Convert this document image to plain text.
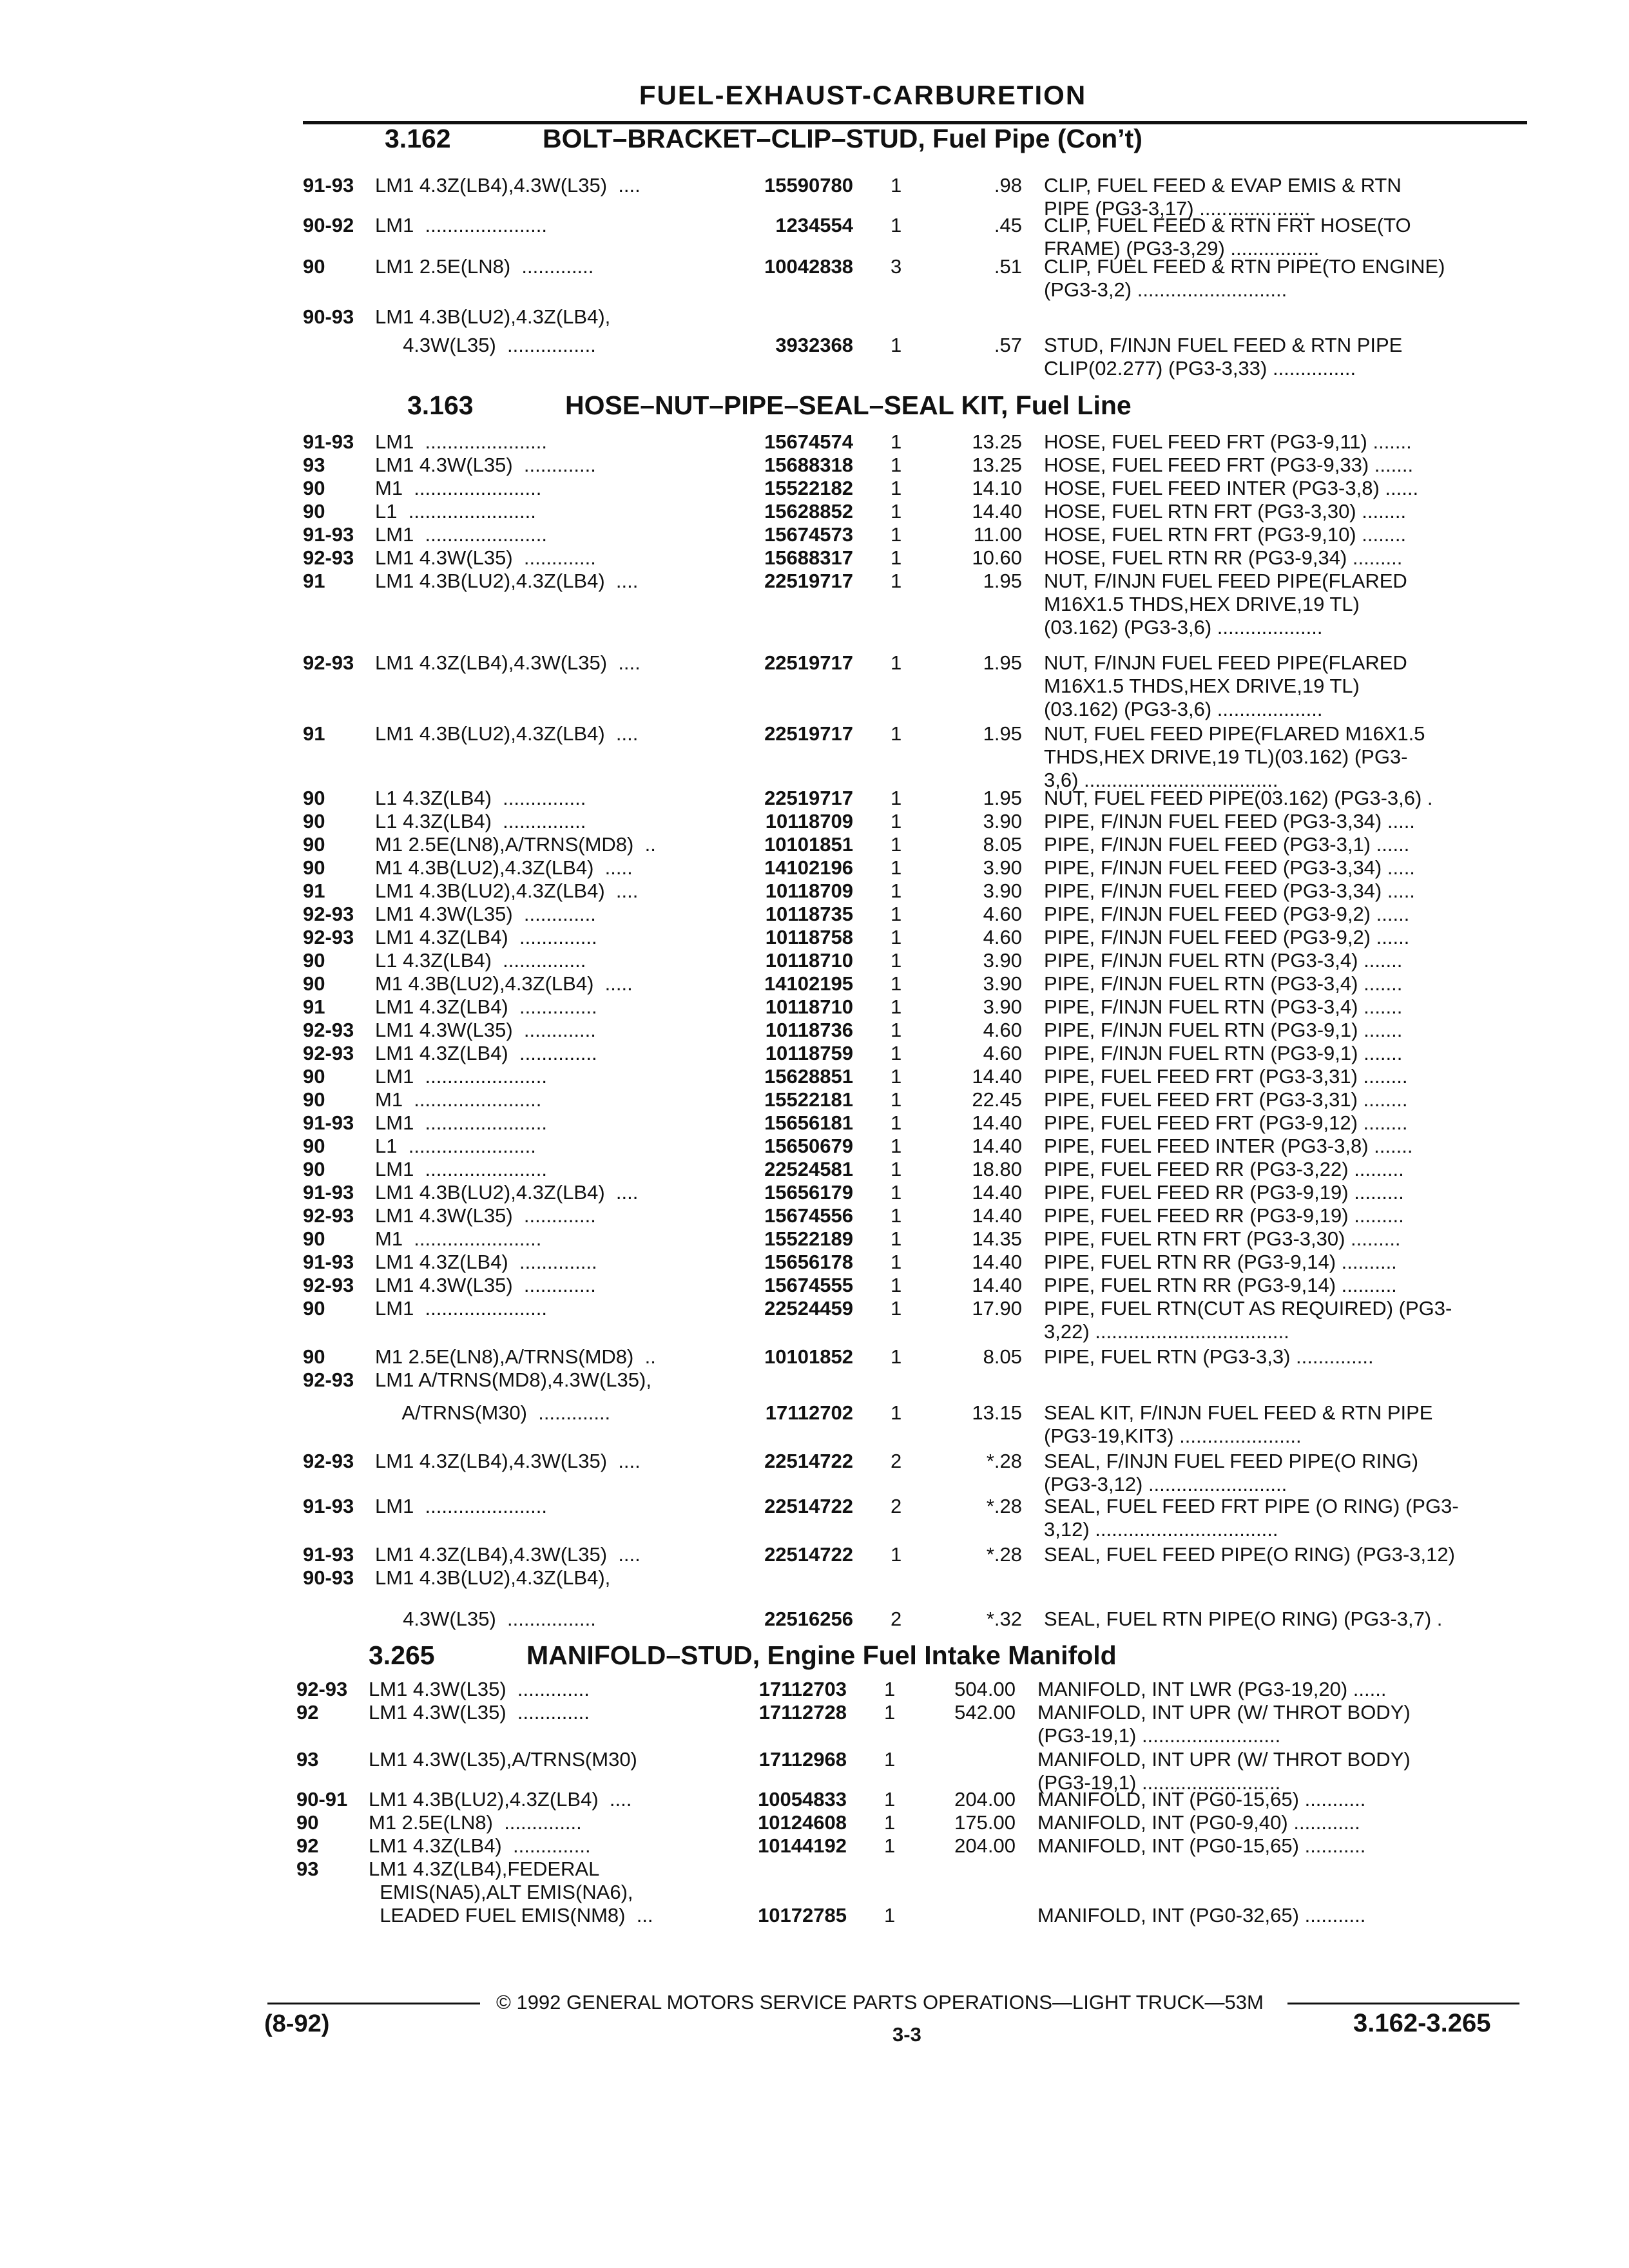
FUEL-EXHAUST-CARBURETION
3.162	BOLT–BRACKET–CLIP–STUD, Fuel Pipe (Con’t)
91-93 LM1 4.3Z(LB4),4.3W(L35)  ....	15590780 1	.98 CLIP, FUEL FEED & EVAP EMIS & RTN
PIPE (PG3-3,17) ....................
90-92 LM1  ......................	1234554 1	.45 CLIP, FUEL FEED & RTN FRT HOSE(TO
FRAME) (PG3-3,29) ................
90	LM1 2.5E(LN8)  .............	10042838 3	.51 CLIP, FUEL FEED & RTN PIPE(TO ENGINE)
(PG3-3,2) ...........................
90-93 LM1 4.3B(LU2),4.3Z(LB4),
4.3W(L35)  ................	3932368 1	.57 STUD, F/INJN FUEL FEED & RTN PIPE
CLIP(02.277) (PG3-3,33) ...............
3.163	HOSE–NUT–PIPE–SEAL–SEAL KIT, Fuel Line
91-93 LM1  ......................	15674574 1	13.25 HOSE, FUEL FEED FRT (PG3-9,11) .......
93	LM1 4.3W(L35)  .............	15688318 1	13.25 HOSE, FUEL FEED FRT (PG3-9,33) .......
90	M1  .......................	15522182 1	14.10 HOSE, FUEL FEED INTER (PG3-3,8) ......
90	L1  .......................	15628852 1	14.40 HOSE, FUEL RTN FRT (PG3-3,30) ........
91-93 LM1  ......................	15674573 1	11.00 HOSE, FUEL RTN FRT (PG3-9,10) ........
92-93 LM1 4.3W(L35)  .............	15688317 1	10.60 HOSE, FUEL RTN RR (PG3-9,34) .........
91	LM1 4.3B(LU2),4.3Z(LB4)  ....	22519717 1	1.95 NUT, F/INJN FUEL FEED PIPE(FLARED
M16X1.5 THDS,HEX DRIVE,19 TL)
(03.162) (PG3-3,6) ...................
92-93 LM1 4.3Z(LB4),4.3W(L35)  ....	22519717 1	1.95 NUT, F/INJN FUEL FEED PIPE(FLARED
M16X1.5 THDS,HEX DRIVE,19 TL)
(03.162) (PG3-3,6) ...................
91	LM1 4.3B(LU2),4.3Z(LB4)  ....	22519717 1	1.95 NUT, FUEL FEED PIPE(FLARED M16X1.5
THDS,HEX DRIVE,19 TL)(03.162) (PG3-
3,6) ...................................
90	L1 4.3Z(LB4)  ...............	22519717 1	1.95 NUT, FUEL FEED PIPE(03.162) (PG3-3,6) .
90	L1 4.3Z(LB4)  ...............	10118709 1	3.90 PIPE, F/INJN FUEL FEED (PG3-3,34) .....
90	M1 2.5E(LN8),A/TRNS(MD8)  ..	10101851 1	8.05 PIPE, F/INJN FUEL FEED (PG3-3,1) ......
90	M1 4.3B(LU2),4.3Z(LB4)  .....	14102196 1	3.90 PIPE, F/INJN FUEL FEED (PG3-3,34) .....
91	LM1 4.3B(LU2),4.3Z(LB4)  ....	10118709 1	3.90 PIPE, F/INJN FUEL FEED (PG3-3,34) .....
92-93 LM1 4.3W(L35)  .............	10118735 1	4.60 PIPE, F/INJN FUEL FEED (PG3-9,2) ......
92-93 LM1 4.3Z(LB4)  ..............	10118758 1	4.60 PIPE, F/INJN FUEL FEED (PG3-9,2) ......
90	L1 4.3Z(LB4)  ...............	10118710 1	3.90 PIPE, F/INJN FUEL RTN (PG3-3,4) .......
90	M1 4.3B(LU2),4.3Z(LB4)  .....	14102195 1	3.90 PIPE, F/INJN FUEL RTN (PG3-3,4) .......
91	LM1 4.3Z(LB4)  ..............	10118710 1	3.90 PIPE, F/INJN FUEL RTN (PG3-3,4) .......
92-93 LM1 4.3W(L35)  .............	10118736 1	4.60 PIPE, F/INJN FUEL RTN (PG3-9,1) .......
92-93 LM1 4.3Z(LB4)  ..............	10118759 1	4.60 PIPE, F/INJN FUEL RTN (PG3-9,1) .......
90	LM1  ......................	15628851 1	14.40 PIPE, FUEL FEED FRT (PG3-3,31) ........
90	M1  .......................	15522181 1	22.45 PIPE, FUEL FEED FRT (PG3-3,31) ........
91-93 LM1  ......................	15656181 1	14.40 PIPE, FUEL FEED FRT (PG3-9,12) ........
90	L1  .......................	15650679 1	14.40 PIPE, FUEL FEED INTER (PG3-3,8) .......
90	LM1  ......................	22524581 1	18.80 PIPE, FUEL FEED RR (PG3-3,22) .........
91-93 LM1 4.3B(LU2),4.3Z(LB4)  ....	15656179 1	14.40 PIPE, FUEL FEED RR (PG3-9,19) .........
92-93 LM1 4.3W(L35)  .............	15674556 1	14.40 PIPE, FUEL FEED RR (PG3-9,19) .........
90	M1  .......................	15522189 1	14.35 PIPE, FUEL RTN FRT (PG3-3,30) .........
91-93 LM1 4.3Z(LB4)  ..............	15656178 1	14.40 PIPE, FUEL RTN RR (PG3-9,14) ..........
92-93 LM1 4.3W(L35)  .............	15674555 1	14.40 PIPE, FUEL RTN RR (PG3-9,14) ..........
90	LM1  ......................	22524459 1	17.90 PIPE, FUEL RTN(CUT AS REQUIRED) (PG3-
3,22) ...................................
90	M1 2.5E(LN8),A/TRNS(MD8)  ..	10101852 1	8.05 PIPE, FUEL RTN (PG3-3,3) ..............
92-93 LM1 A/TRNS(MD8),4.3W(L35),
A/TRNS(M30)  .............	17112702 1	13.15 SEAL KIT, F/INJN FUEL FEED & RTN PIPE
(PG3-19,KIT3) ......................
92-93 LM1 4.3Z(LB4),4.3W(L35)  ....	22514722 2	*.28 SEAL, F/INJN FUEL FEED PIPE(O RING)
(PG3-3,12) .........................
91-93 LM1  ......................	22514722 2	*.28 SEAL, FUEL FEED FRT PIPE (O RING) (PG3-
3,12) .................................
91-93 LM1 4.3Z(LB4),4.3W(L35)  ....	22514722 1	*.28 SEAL, FUEL FEED PIPE(O RING) (PG3-3,12)
90-93 LM1 4.3B(LU2),4.3Z(LB4),
4.3W(L35)  ................	22516256 2	*.32 SEAL, FUEL RTN PIPE(O RING) (PG3-3,7) .
3.265	MANIFOLD–STUD, Engine Fuel Intake Manifold
92-93 LM1 4.3W(L35)  .............	17112703 1	504.00 MANIFOLD, INT LWR (PG3-19,20) ......
92	LM1 4.3W(L35)  .............	17112728 1	542.00 MANIFOLD, INT UPR (W/ THROT BODY)
(PG3-19,1) .........................
93	LM1 4.3W(L35),A/TRNS(M30)	17112968 1	MANIFOLD, INT UPR (W/ THROT BODY)
(PG3-19,1) .........................
90-91 LM1 4.3B(LU2),4.3Z(LB4)  ....	10054833 1	204.00 MANIFOLD, INT (PG0-15,65) ...........
90	M1 2.5E(LN8)  ..............	10124608 1	175.00 MANIFOLD, INT (PG0-9,40) ............
92	LM1 4.3Z(LB4)  ..............	10144192 1	204.00 MANIFOLD, INT (PG0-15,65) ...........
93	LM1 4.3Z(LB4),FEDERAL
EMIS(NA5),ALT EMIS(NA6),
LEADED FUEL EMIS(NM8)  ...	10172785 1	MANIFOLD, INT (PG0-32,65) ...........
© 1992 GENERAL MOTORS SERVICE PARTS OPERATIONS—LIGHT TRUCK—53M
(8-92)	3-3	3.162-3.265
